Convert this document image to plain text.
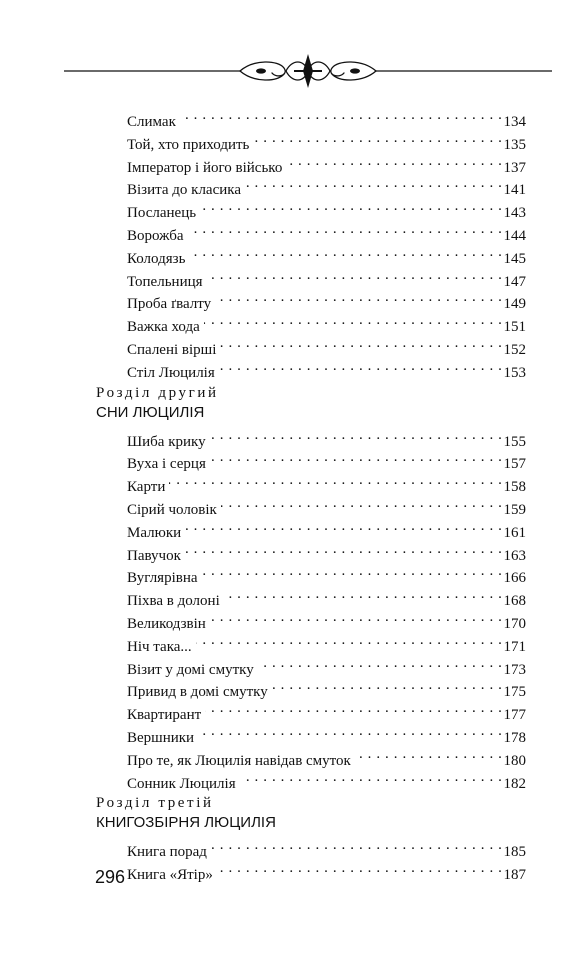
Слимак . . .	134
Той, хто приходить . . .	135
Імператор і його військо . . .	137
Візита до класика . . .	141
Посланець . . .	143
Ворожба . . .	144
Колодязь . . .	145
Топельниця . . .	147
Проба ґвалту . . .	149
Важка хода . . .	151
Спалені вірші . . .	152
Стіл Люцилія . . .	153
Розділ другий
СНИ ЛЮЦИЛІЯ
Шиба крику . . .	155
Вуха і серця . . .	157
Карти . . .	158
Сірий чоловік . . .	159
Малюки . . .	161
Павучок . . .	163
Вуглярівна . . .	166
Піхва в долоні . . .	168
Великодзвін . . .	170
Ніч така... . . .	171
Візит у домі смутку . . .	173
Привид в домі смутку . . .	175
Квартирант . . .	177
Вершники . . .	178
Про те, як Люцилія навідав смуток . . .	180
Сонник Люцилія . . .	182
Розділ третій
КНИГОЗБІРНЯ ЛЮЦИЛІЯ
Книга порад . . .	185
Книга «Ятір» . . .	187
296
